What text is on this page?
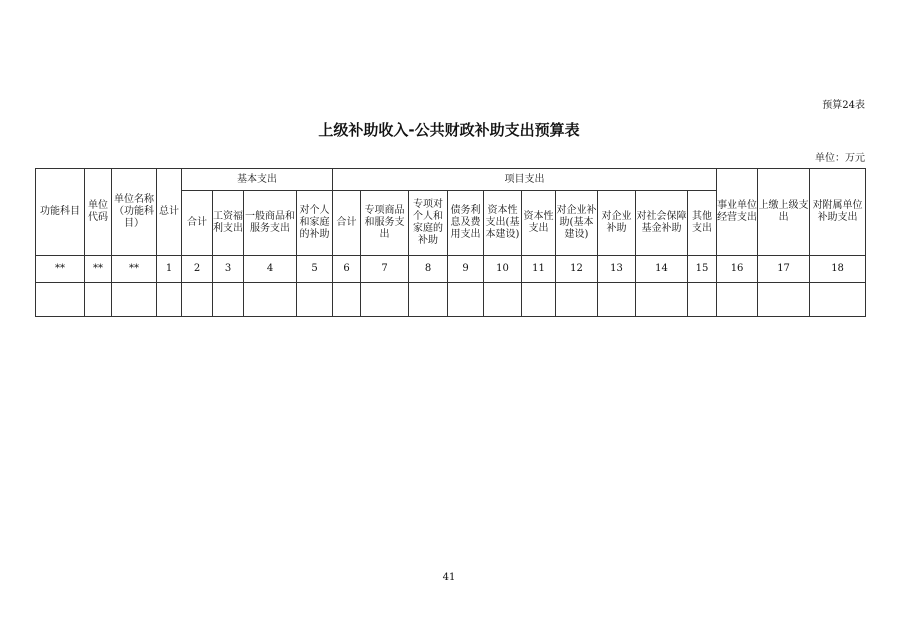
预算24表
上级补助收入-公共财政补助支出预算表
单位：万元
功能科目	单位代码	单位名称（功能科目）	总计	基本支出				项目支出										事业单位经营支出	上缴上级支出	对附属单位补助支出
				合计	工资福利支出	一般商品和服务支出	对个人和家庭的补助	合计	专项商品和服务支出	专项对个人和家庭的补助	债务利息及费用支出	资本性支出(基本建设)	资本性支出	对企业补助(基本建设)	对企业补助	对社会保障基金补助	其他支出			
**	**	**	1	2	3	4	5	6	7	8	9	10	11	12	13	14	15	16	17	18

41
